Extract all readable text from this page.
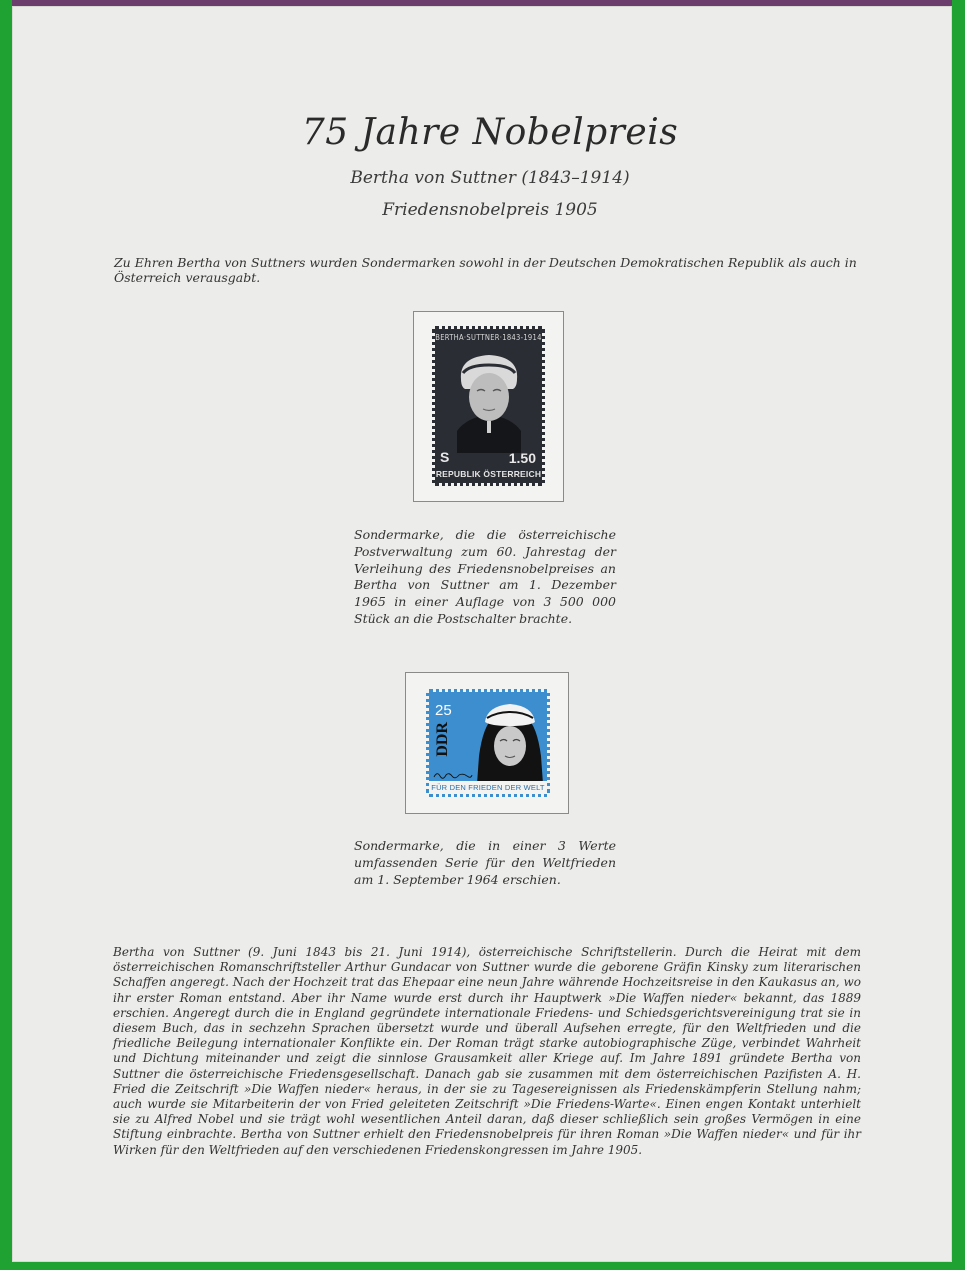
75 Jahre Nobelpreis
Bertha von Suttner (1843–1914)
Friedensnobelpreis 1905
Zu Ehren Bertha von Suttners wurden Sondermarken sowohl in der Deutschen Demokratischen Republik als auch in Österreich verausgabt.
BERTHA·SUTTNER·1843-1914
S	1.50
REPUBLIK ÖSTERREICH
Sondermarke, die die österreichische Postverwaltung zum 60. Jahrestag der Verleihung des Friedensnobelpreises an Bertha von Suttner am 1. Dezember 1965 in einer Auflage von 3 500 000 Stück an die Postschalter brachte.
25
DDR
FÜR DEN FRIEDEN DER WELT
Sondermarke, die in einer 3 Werte umfassenden Serie für den Weltfrieden am 1. September 1964 erschien.
Bertha von Suttner (9. Juni 1843 bis 21. Juni 1914), österreichische Schriftstellerin. Durch die Heirat mit dem österreichischen Romanschriftsteller Arthur Gundacar von Suttner wurde die geborene Gräfin Kinsky zum literarischen Schaffen angeregt. Nach der Hochzeit trat das Ehepaar eine neun Jahre währende Hochzeitsreise in den Kaukasus an, wo ihr erster Roman entstand. Aber ihr Name wurde erst durch ihr Hauptwerk »Die Waffen nieder« bekannt, das 1889 erschien. Angeregt durch die in England gegründete internationale Friedens- und Schiedsgerichtsvereinigung trat sie in diesem Buch, das in sechzehn Sprachen übersetzt wurde und überall Aufsehen erregte, für den Weltfrieden und die friedliche Beilegung internationaler Konflikte ein. Der Roman trägt starke autobiographische Züge, verbindet Wahrheit und Dichtung miteinander und zeigt die sinnlose Grausamkeit aller Kriege auf. Im Jahre 1891 gründete Bertha von Suttner die österreichische Friedensgesellschaft. Danach gab sie zusammen mit dem österreichischen Pazifisten A. H. Fried die Zeitschrift »Die Waffen nieder« heraus, in der sie zu Tagesereignissen als Friedenskämpferin Stellung nahm; auch wurde sie Mitarbeiterin der von Fried geleiteten Zeitschrift »Die Friedens-Warte«. Einen engen Kontakt unterhielt sie zu Alfred Nobel und sie trägt wohl wesentlichen Anteil daran, daß dieser schließlich sein großes Vermögen in eine Stiftung einbrachte. Bertha von Suttner erhielt den Friedensnobelpreis für ihren Roman »Die Waffen nieder« und für ihr Wirken für den Weltfrieden auf den verschiedenen Friedenskongressen im Jahre 1905.
